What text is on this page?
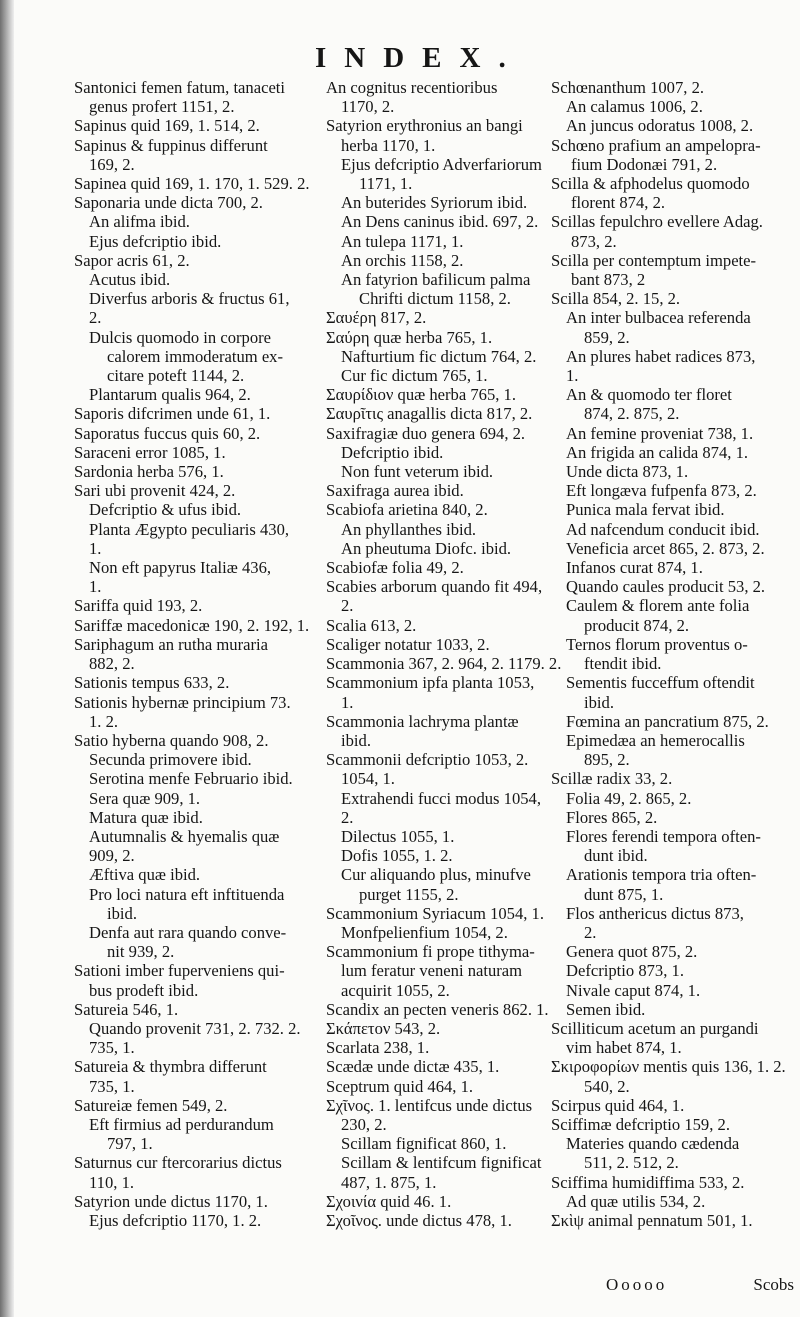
INDEX.
Santonici femen fatum, tanaceti
genus profert 1151, 2.
Sapinus quid 169, 1. 514, 2.
Sapinus & fuppinus differunt
169, 2.
Sapinea quid 169, 1. 170, 1. 529. 2.
Saponaria unde dicta 700, 2.
An alifma ibid.
Ejus defcriptio ibid.
Sapor acris 61, 2.
Acutus ibid.
Diverfus arboris & fructus 61,
2.
Dulcis quomodo in corpore
calorem immoderatum ex-
citare poteft 1144, 2.
Plantarum qualis 964, 2.
Saporis difcrimen unde 61, 1.
Saporatus fuccus quis 60, 2.
Saraceni error 1085, 1.
Sardonia herba 576, 1.
Sari ubi provenit 424, 2.
Defcriptio & ufus ibid.
Planta Ægypto peculiaris 430,
1.
Non eft papyrus Italiæ 436,
1.
Sariffa quid 193, 2.
Sariffæ macedonicæ 190, 2. 192, 1.
Sariphagum an rutha muraria
882, 2.
Sationis tempus 633, 2.
Sationis hybernæ principium 73.
1. 2.
Satio hyberna quando 908, 2.
Secunda primovere ibid.
Serotina menfe Februario ibid.
Sera quæ 909, 1.
Matura quæ ibid.
Autumnalis & hyemalis quæ
909, 2.
Æftiva quæ ibid.
Pro loci natura eft inftituenda
ibid.
Denfa aut rara quando conve-
nit 939, 2.
Sationi imber fuperveniens qui-
bus prodeft ibid.
Satureia 546, 1.
Quando provenit 731, 2. 732. 2.
735, 1.
Satureia & thymbra differunt
735, 1.
Satureiæ femen 549, 2.
Eft firmius ad perdurandum
797, 1.
Saturnus cur ftercorarius dictus
110, 1.
Satyrion unde dictus 1170, 1.
Ejus defcriptio 1170, 1. 2.
An cognitus recentioribus
1170, 2.
Satyrion erythronius an bangi
herba 1170, 1.
Ejus defcriptio Adverfariorum
1171, 1.
An buterides Syriorum ibid.
An Dens caninus ibid. 697, 2.
An tulepa 1171, 1.
An orchis 1158, 2.
An fatyrion bafilicum palma
Chrifti dictum 1158, 2.
Σαυέρη 817, 2.
Σαύρη quæ herba 765, 1.
Nafturtium fic dictum 764, 2.
Cur fic dictum 765, 1.
Σαυρίδιον quæ herba 765, 1.
Σαυρῖτις anagallis dicta 817, 2.
Saxifragiæ duo genera 694, 2.
Defcriptio ibid.
Non funt veterum ibid.
Saxifraga aurea ibid.
Scabiofa arietina 840, 2.
An phyllanthes ibid.
An pheutuma Diofc. ibid.
Scabiofæ folia 49, 2.
Scabies arborum quando fit 494,
2.
Scalia 613, 2.
Scaliger notatur 1033, 2.
Scammonia 367, 2. 964, 2. 1179. 2.
Scammonium ipfa planta 1053,
1.
Scammonia lachryma plantæ
ibid.
Scammonii defcriptio 1053, 2.
1054, 1.
Extrahendi fucci modus 1054,
2.
Dilectus 1055, 1.
Dofis 1055, 1. 2.
Cur aliquando plus, minufve
purget 1155, 2.
Scammonium Syriacum 1054, 1.
Monfpelienfium 1054, 2.
Scammonium fi prope tithyma-
lum feratur veneni naturam
acquirit 1055, 2.
Scandix an pecten veneris 862. 1.
Σκάπετον 543, 2.
Scarlata 238, 1.
Scædæ unde dictæ 435, 1.
Sceptrum quid 464, 1.
Σχῖνος. 1. lentifcus unde dictus
230, 2.
Scillam fignificat 860, 1.
Scillam & lentifcum fignificat
487, 1. 875, 1.
Σχοινία quid 46. 1.
Σχοῖνος. unde dictus 478, 1.
Schœnanthum 1007, 2.
An calamus 1006, 2.
An juncus odoratus 1008, 2.
Schœno prafium an ampelopra-
fium Dodonæi 791, 2.
Scilla & afphodelus quomodo
florent 874, 2.
Scillas fepulchro evellere Adag.
873, 2.
Scilla per contemptum impete-
bant 873, 2
Scilla 854, 2. 15, 2.
An inter bulbacea referenda
859, 2.
An plures habet radices 873,
1.
An & quomodo ter floret
874, 2. 875, 2.
An femine proveniat 738, 1.
An frigida an calida 874, 1.
Unde dicta 873, 1.
Eft longæva fufpenfa 873, 2.
Punica mala fervat ibid.
Ad nafcendum conducit ibid.
Veneficia arcet 865, 2. 873, 2.
Infanos curat 874, 1.
Quando caules producit 53, 2.
Caulem & florem ante folia
producit 874, 2.
Ternos florum proventus o-
ftendit ibid.
Sementis fucceffum oftendit
ibid.
Fœmina an pancratium 875, 2.
Epimedæa an hemerocallis
895, 2.
Scillæ radix 33, 2.
Folia 49, 2. 865, 2.
Flores 865, 2.
Flores ferendi tempora often-
dunt ibid.
Arationis tempora tria often-
dunt 875, 1.
Flos anthericus dictus 873,
2.
Genera quot 875, 2.
Defcriptio 873, 1.
Nivale caput 874, 1.
Semen ibid.
Scilliticum acetum an purgandi
vim habet 874, 1.
Σκιροφορίων mentis quis 136, 1. 2.
540, 2.
Scirpus quid 464, 1.
Sciffimæ defcriptio 159, 2.
Materies quando cædenda
511, 2. 512, 2.
Sciffima humidiffima 533, 2.
Ad quæ utilis 534, 2.
Σκὶψ animal pennatum 501, 1.
Ooooo	Scobs
